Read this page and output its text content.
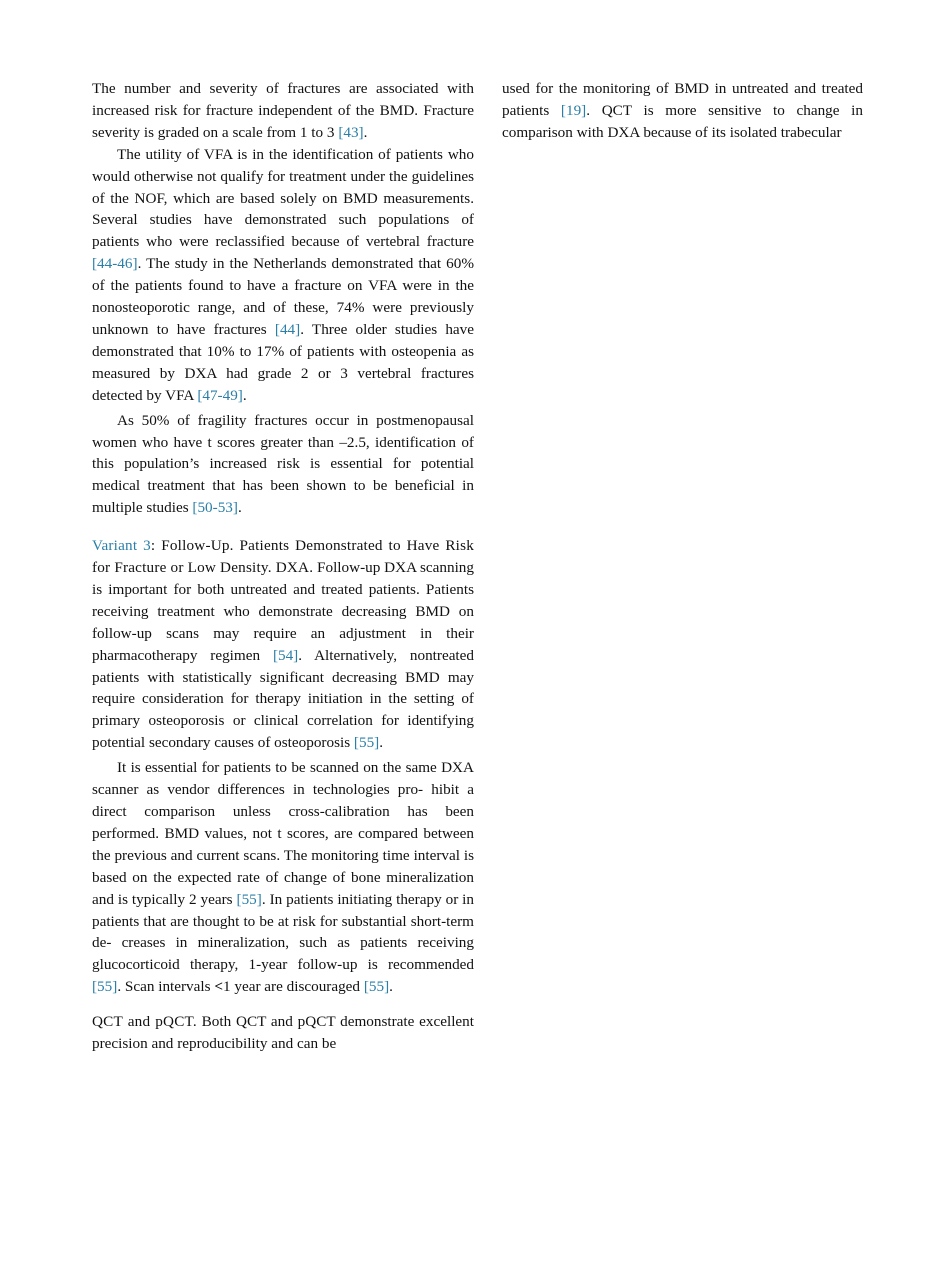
The number and severity of fractures are associated with increased risk for fracture independent of the BMD. Fracture severity is graded on a scale from 1 to 3 [43].

The utility of VFA is in the identification of patients who would otherwise not qualify for treatment under the guidelines of the NOF, which are based solely on BMD measurements. Several studies have demonstrated such populations of patients who were reclassified because of vertebral fracture [44-46]. The study in the Netherlands demonstrated that 60% of the patients found to have a fracture on VFA were in the nonosteoporotic range, and of these, 74% were previously unknown to have fractures [44]. Three older studies have demonstrated that 10% to 17% of patients with osteopenia as measured by DXA had grade 2 or 3 vertebral fractures detected by VFA [47-49].

As 50% of fragility fractures occur in postmenopausal women who have t scores greater than –2.5, identification of this population’s increased risk is essential for potential medical treatment that has been shown to be beneficial in multiple studies [50-53].

Variant 3: Follow-Up. Patients Demonstrated to Have Risk for Fracture or Low Density. DXA. Follow-up DXA scanning is important for both untreated and treated patients. Patients receiving treatment who demonstrate decreasing BMD on follow-up scans may require an adjustment in their pharmacotherapy regimen [54]. Alternatively, nontreated patients with statistically significant decreasing BMD may require consideration for therapy initiation in the setting of primary osteoporosis or clinical correlation for identifying potential secondary causes of osteoporosis [55].

It is essential for patients to be scanned on the same DXA scanner as vendor differences in technologies pro- hibit a direct comparison unless cross-calibration has been performed. BMD values, not t scores, are compared between the previous and current scans. The monitoring time interval is based on the expected rate of change of bone mineralization and is typically 2 years [55]. In patients initiating therapy or in patients that are thought to be at risk for substantial short-term de- creases in mineralization, such as patients receiving glucocorticoid therapy, 1-year follow-up is recommended [55]. Scan intervals <1 year are discouraged [55].

QCT and pQCT. Both QCT and pQCT demonstrate excellent precision and reproducibility and can be

used for the monitoring of BMD in untreated and treated patients [19]. QCT is more sensitive to change in comparison with DXA because of its isolated trabecular
